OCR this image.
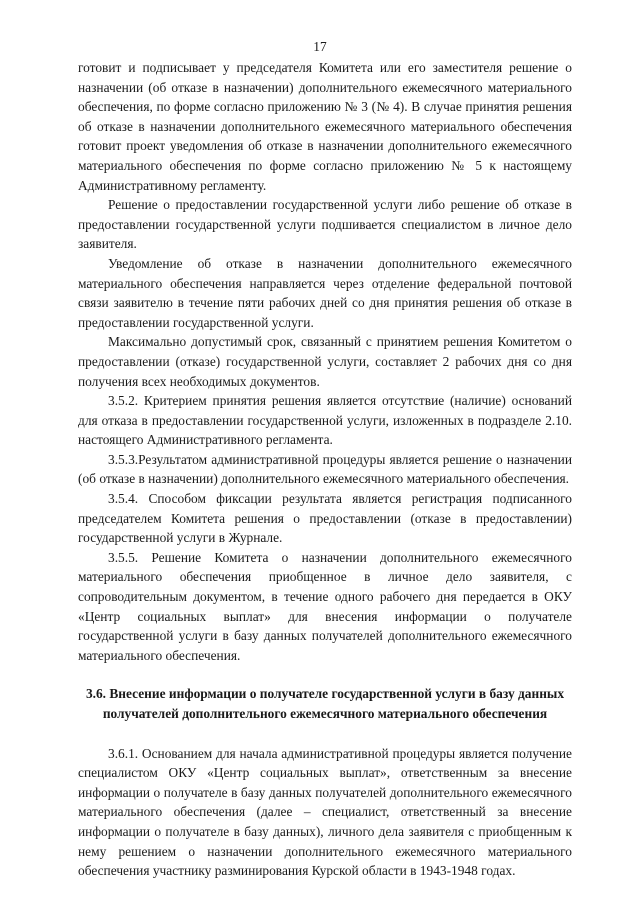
17

готовит и подписывает у председателя Комитета или его заместителя решение о назначении (об отказе в назначении) дополнительного ежемесячного материального обеспечения, по форме согласно приложению № 3 (№ 4). В случае принятия решения об отказе в назначении дополнительного ежемесячного материального обеспечения готовит проект уведомления об отказе в назначении дополнительного ежемесячного материального обеспечения по форме согласно приложению № 5 к настоящему Административному регламенту.

Решение о предоставлении государственной услуги либо решение об отказе в предоставлении государственной услуги подшивается специалистом в личное дело заявителя.

Уведомление об отказе в назначении дополнительного ежемесячного материального обеспечения направляется через отделение федеральной почтовой связи заявителю в течение пяти рабочих дней со дня принятия решения об отказе в предоставлении государственной услуги.

Максимально допустимый срок, связанный с принятием решения Комитетом о предоставлении (отказе) государственной услуги, составляет 2 рабочих дня со дня получения всех необходимых документов.

3.5.2. Критерием принятия решения является отсутствие (наличие) оснований для отказа в предоставлении государственной услуги, изложенных в подразделе 2.10. настоящего Административного регламента.

3.5.3.Результатом административной процедуры является решение о назначении (об отказе в назначении) дополнительного ежемесячного материального обеспечения.

3.5.4. Способом фиксации результата является регистрация подписанного председателем Комитета решения о предоставлении (отказе в предоставлении) государственной услуги в Журнале.

3.5.5. Решение Комитета о назначении дополнительного ежемесячного материального обеспечения приобщенное в личное дело заявителя, с сопроводительным документом, в течение одного рабочего дня передается в ОКУ «Центр социальных выплат» для внесения информации о получателе государственной услуги в базу данных получателей дополнительного ежемесячного материального обеспечения.

3.6. Внесение информации о получателе государственной услуги в базу данных получателей дополнительного ежемесячного материального обеспечения

3.6.1. Основанием для начала административной процедуры является получение специалистом ОКУ «Центр социальных выплат», ответственным за внесение информации о получателе в базу данных получателей дополнительного ежемесячного материального обеспечения (далее – специалист, ответственный за внесение информации о получателе в базу данных), личного дела заявителя с приобщенным к нему решением о назначении дополнительного ежемесячного материального обеспечения участнику разминирования Курской области в 1943-1948 годах.
